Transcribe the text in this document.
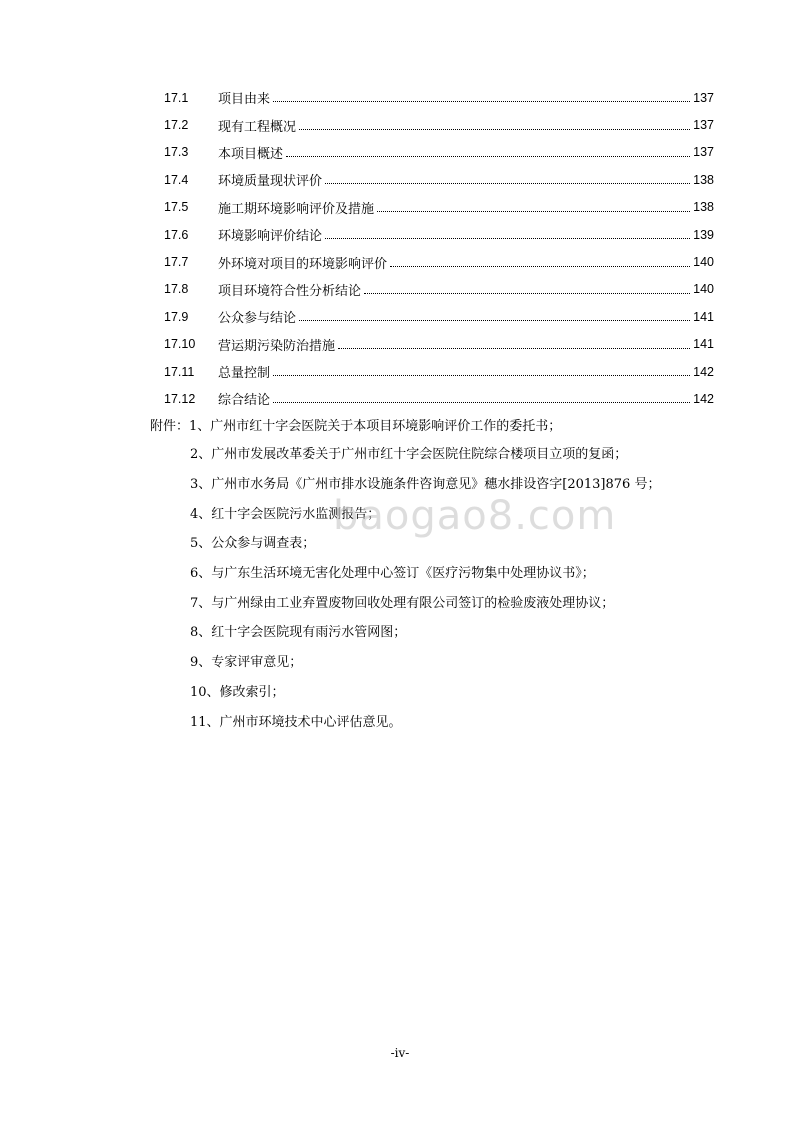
17.1	项目由来	137
17.2	现有工程概况	137
17.3	本项目概述	137
17.4	环境质量现状评价	138
17.5	施工期环境影响评价及措施	138
17.6	环境影响评价结论	139
17.7	外环境对项目的环境影响评价	140
17.8	项目环境符合性分析结论	140
17.9	公众参与结论	141
17.10	营运期污染防治措施	141
17.11	总量控制	142
17.12	综合结论	142
附件： 1、广州市红十字会医院关于本项目环境影响评价工作的委托书；
2、广州市发展改革委关于广州市红十字会医院住院综合楼项目立项的复函；
3、广州市水务局《广州市排水设施条件咨询意见》穗水排设咨字[2013]876 号；
4、红十字会医院污水监测报告；
5、公众参与调查表；
6、与广东生活环境无害化处理中心签订《医疗污物集中处理协议书》；
7、与广州绿由工业弃置废物回收处理有限公司签订的检验废液处理协议；
8、红十字会医院现有雨污水管网图；
9、专家评审意见；
10、修改索引；
11、广州市环境技术中心评估意见。
baogao8.com
-iv-
